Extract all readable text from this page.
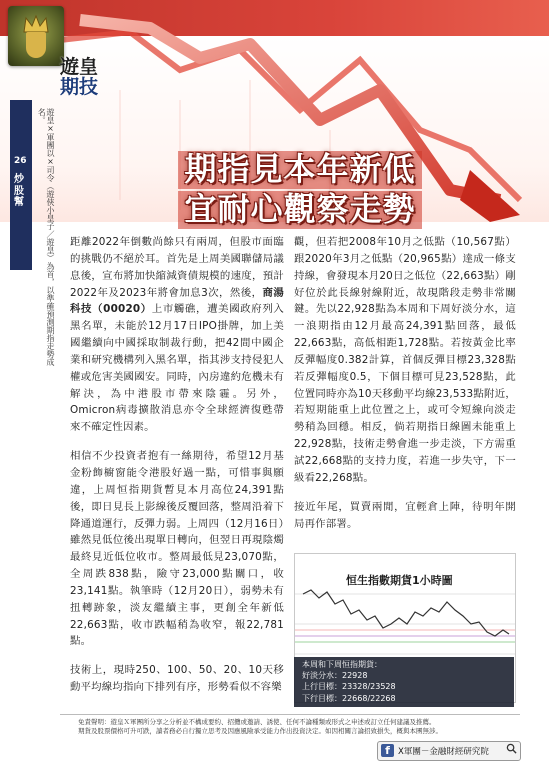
遊皇
期技
期指見本年新低
宜耐心觀察走勢
26
炒股幫	遊皇×軍團以×司令（遊俠小皇子／遊皇）為首，以準確預測期指走勢成名。

距離2022年倒數尚餘只有兩周，但股市面臨的挑戰仍不絕於耳。首先是上周美國聯儲局議息後，宣布將加快縮減資債規模的速度，預計2022年及2023年將會加息3次，然後，商湯科技（00020）上市觸礁，遭美國政府列入黑名單，未能於12月17日IPO掛牌，加上美國繼續向中國採取制裁行動，把42間中國企業和研究機構列入黑名單，指其涉支持侵犯人權或危害美國國安。同時，內房違約危機未有解決，為中港股市帶來陰霾。另外，Omicron病毒擴散消息亦令全球經濟復甦帶來不確定性因素。

相信不少投資者抱有一絲期待，希望12月基金粉飾櫥窗能令港股好過一點，可惜事與願違，上周恒指期貨暫見本月高位24,391點後，即日見長上影線後反覆回落，整周沿着下降通道運行，反彈力弱。上周四（12月16日）雖然見低位後出現單日轉向，但翌日再現陰燭最終見近低位收市。整周最低見23,070點，全周跌838點，險守23,000點關口，收23,141點。執筆時（12月20日），弱勢未有扭轉跡象，淡友繼續主事，更創全年新低22,663點，收市跌幅稍為收窄，報22,781點。

技術上，現時250、100、50、20、10天移動平均線均指向下排列有序，形勢看似不容樂

觀，但若把2008年10月之低點（10,567點）跟2020年3月之低點（20,965點）達成一條支持線，會發現本月20日之低位（22,663點）剛好位於此長線射線附近，故現階段走勢非常關鍵。先以22,928點為本周和下周好淡分水，這一浪期指由12月最高24,391點回落，最低22,663點，高低相距1,728點。若按黃金比率反彈幅度0.382計算，首個反彈目標23,328點若反彈幅度0.5，下個目標可見23,528點，此位置同時亦為10天移動平均線23,533點附近，若短期能重上此位置之上，或可令短線向淡走勢稍為回穩。相反，倘若期指日線圖未能重上22,928點，技術走勢會進一步走淡，下方需重試22,668點的支持力度，若進一步失守，下一級看22,268點。

接近年尾，買賣兩閒，宜輕倉上陣，待明年開局再作部署。

恒生指數期貨1小時圖
本周和下周恒指期貨：
好淡分水：22928
上行目標：23328/23528
下行目標：22668/22268
免責聲明：遊皇Ｘ軍團所分享之分析並不構成要約、招攬或邀請、誘使、任何不論種類或形式之申述或訂立任何建議及推薦。
期貨及股票價格可升可跌，讀者務必自行獨立思考及因應風險承受能力作出投資決定。如因相關言論招致損失，概與本團無涉。
f X軍團－金融財經研究院
